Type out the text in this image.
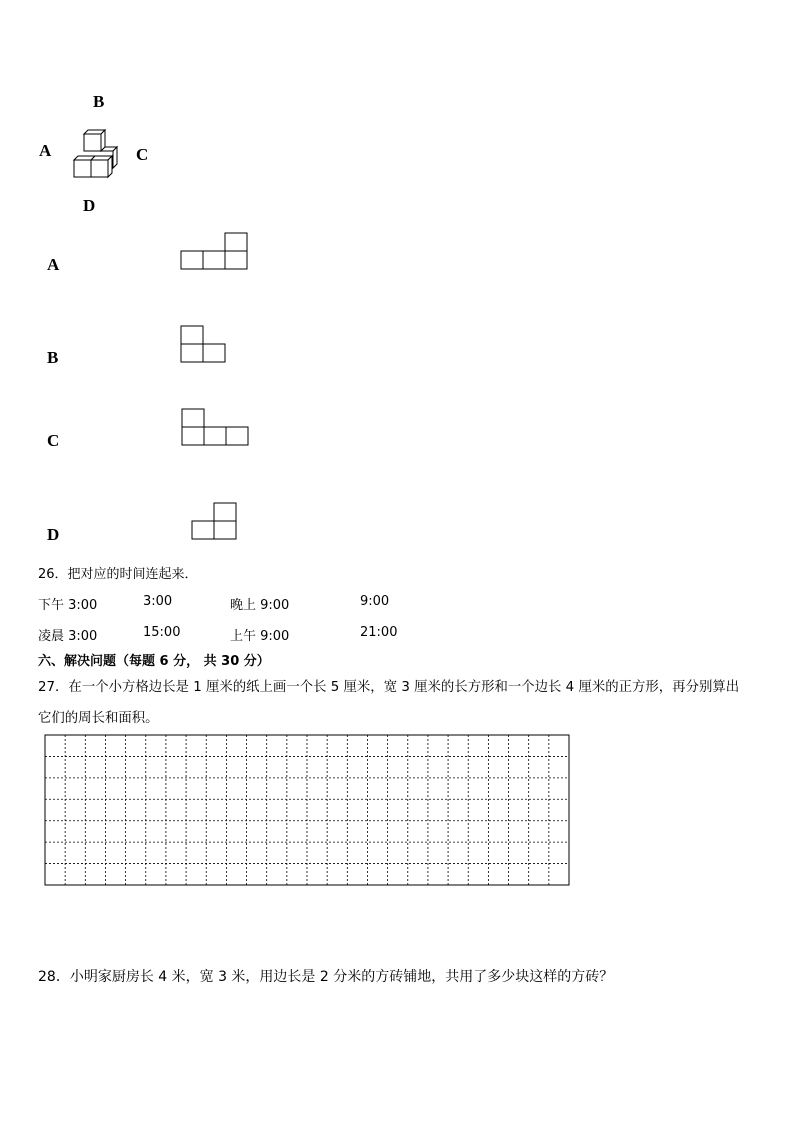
B
A	C
D
A
B
C
D
26．把对应的时间连起来．
下午 3:00	3:00	晚上 9:00	9:00
凌晨 3:00	15:00	上午 9:00	21:00
六、解决问题（每题 6 分， 共 30 分）
27．在一个小方格边长是 1 厘米的纸上画一个长 5 厘米，宽 3 厘米的长方形和一个边长 4 厘米的正方形，再分别算出
它们的周长和面积。
28．小明家厨房长 4 米，宽 3 米，用边长是 2 分米的方砖铺地，共用了多少块这样的方砖？
